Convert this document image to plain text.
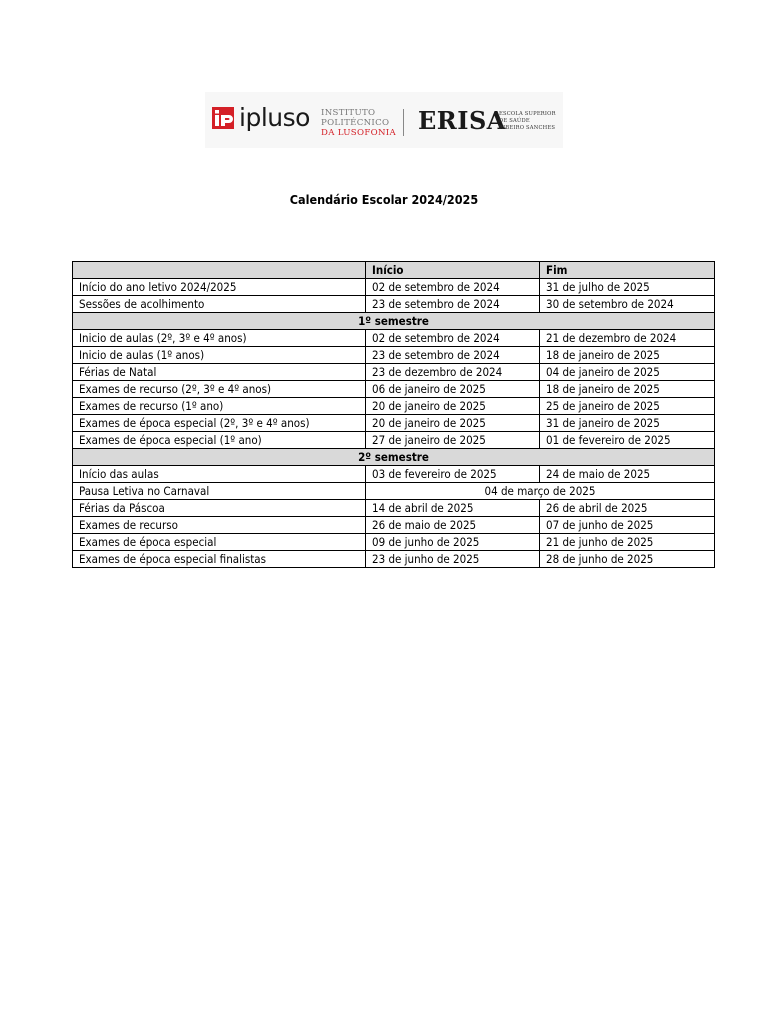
ipluso INSTITUTO
POLITÉCNICO
DA LUSOFONIA ERISA
ESCOLA SUPERIOR
DE SAÚDE
RIBEIRO SANCHES
Calendário Escolar 2024/2025
	Início	Fim
Início do ano letivo 2024/2025	02 de setembro de 2024	31 de julho de 2025
Sessões de acolhimento	23 de setembro de 2024	30 de setembro de 2024
1º semestre		
Inicio de aulas (2º, 3º e 4º anos)	02 de setembro de 2024	21 de dezembro de 2024
Inicio de aulas (1º anos)	23 de setembro de 2024	18 de janeiro de 2025
Férias de Natal	23 de dezembro de 2024	04 de janeiro de 2025
Exames de recurso (2º, 3º e 4º anos)	06 de janeiro de 2025	18 de janeiro de 2025
Exames de recurso (1º ano)	20 de janeiro de 2025	25 de janeiro de 2025
Exames de época especial (2º, 3º e 4º anos)	20 de janeiro de 2025	31 de janeiro de 2025
Exames de época especial (1º ano)	27 de janeiro de 2025	01 de fevereiro de 2025
2º semestre		
Início das aulas	03 de fevereiro de 2025	24 de maio de 2025
Pausa Letiva no Carnaval	04 de março de 2025	
Férias da Páscoa	14 de abril de 2025	26 de abril de 2025
Exames de recurso	26 de maio de 2025	07 de junho de 2025
Exames de época especial	09 de junho de 2025	21 de junho de 2025
Exames de época especial finalistas	23 de junho de 2025	28 de junho de 2025
